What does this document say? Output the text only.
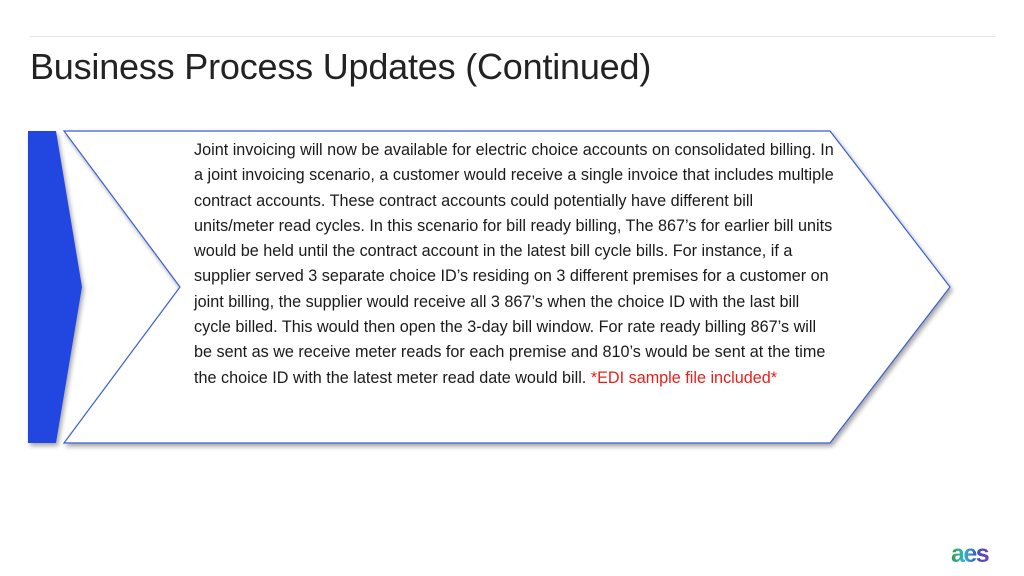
Business Process Updates (Continued)

Joint invoicing will now be available for electric choice accounts on consolidated billing. In a joint invoicing scenario, a customer would receive a single invoice that includes multiple contract accounts. These contract accounts could potentially have different bill units/meter read cycles. In this scenario for bill ready billing, The 867’s for earlier bill units would be held until the contract account in the latest bill cycle bills. For instance, if a supplier served 3 separate choice ID’s residing on 3 different premises for a customer on joint billing, the supplier would receive all 3 867’s when the choice ID with the last bill cycle billed. This would then open the 3-day bill window. For rate ready billing 867’s will be sent as we receive meter reads for each premise and 810’s would be sent at the time the choice ID with the latest meter read date would bill. *EDI sample file included*

aes
